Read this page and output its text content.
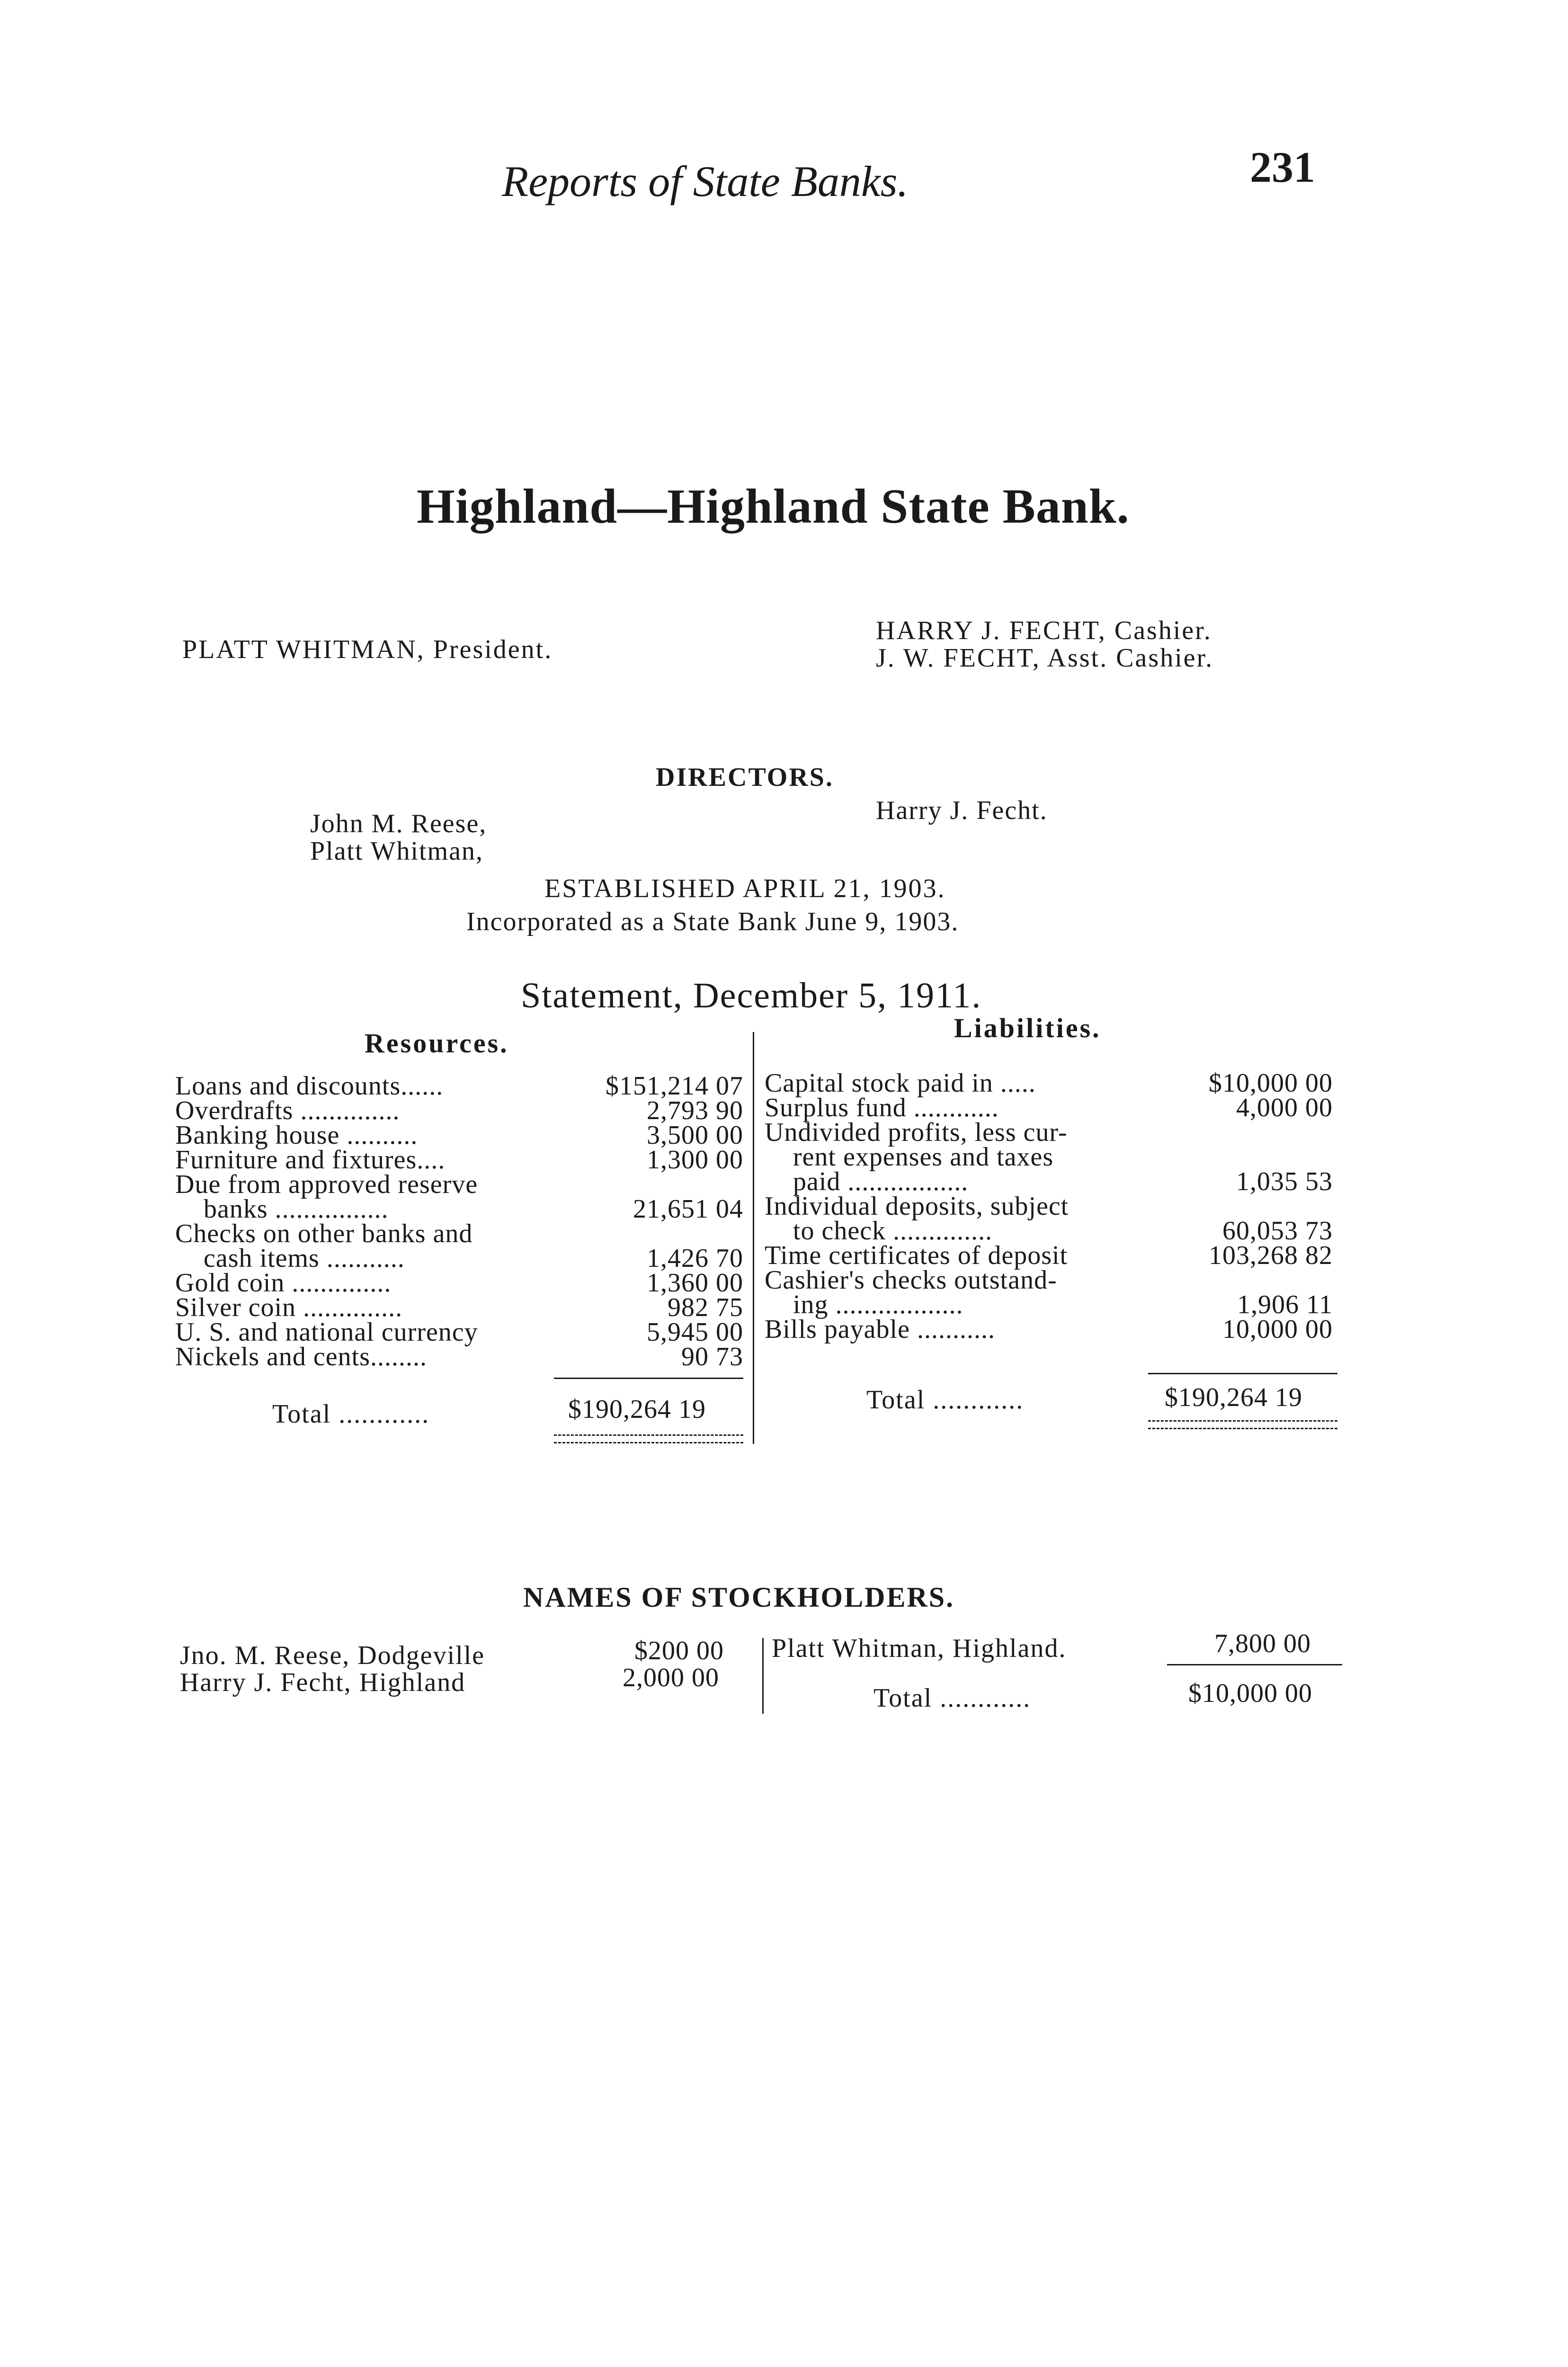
Reports of State Banks.	231
Highland—Highland State Bank.
PLATT WHITMAN, President.
HARRY J. FECHT, Cashier.
J. W. FECHT, Asst. Cashier.
DIRECTORS.
John M. Reese,
Platt Whitman,
Harry J. Fecht.
ESTABLISHED APRIL 21, 1903.
Incorporated as a State Bank June 9, 1903.
Statement, December 5, 1911.
Resources.	Liabilities.
Loans and discounts......	$151,214 07
Overdrafts ..............	2,793 90
Banking house ..........	3,500 00
Furniture and fixtures....	1,300 00
Due from approved reserve
banks ................	21,651 04
Checks on other banks and
cash items ...........	1,426 70
Gold coin ..............	1,360 00
Silver coin ..............	982 75
U. S. and national currency	5,945 00
Nickels and cents........	90 73
Total ............	$190,264 19
Capital stock paid in .....	$10,000 00
Surplus fund ............	4,000 00
Undivided profits, less cur-
rent expenses and taxes
paid .................	1,035 53
Individual deposits, subject
to check ..............	60,053 73
Time certificates of deposit	103,268 82
Cashier's checks outstand-
ing ..................	1,906 11
Bills payable ...........	10,000 00
Total ............	$190,264 19
NAMES OF STOCKHOLDERS.
Jno. M. Reese, Dodgeville	$200 00
Harry J. Fecht, Highland	2,000 00
Platt Whitman, Highland.	7,800 00
Total ............	$10,000 00
